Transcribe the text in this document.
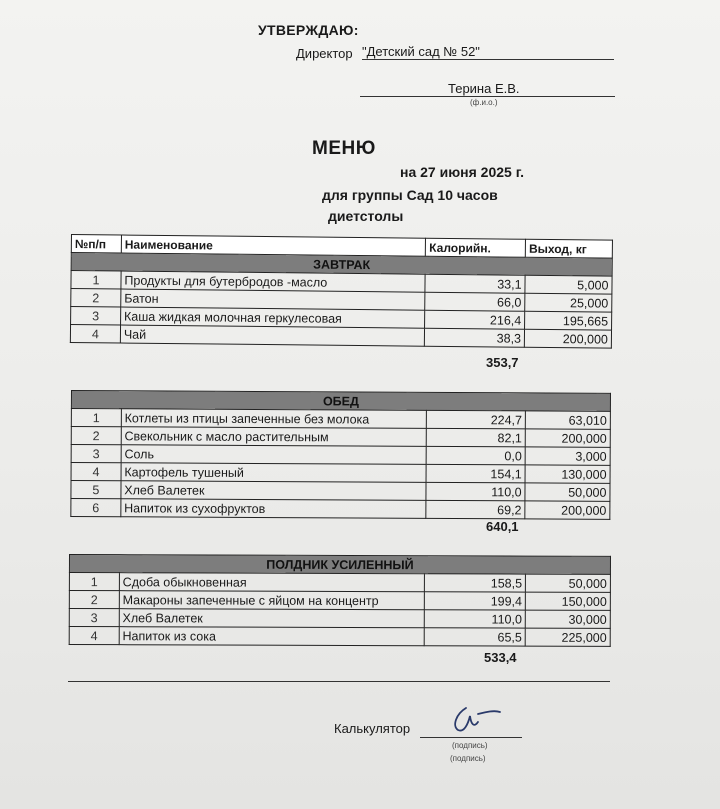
УТВЕРЖДАЮ:
Директор "Детский сад № 52"
Терина Е.В.
(ф.и.о.)
МЕНЮ
на 27 июня 2025 г.
для группы Сад 10 часов
диетстолы
№п/п	Наименование	Калорийн.	Выход, кг
ЗАВТРАК			
1	Продукты для бутербродов -масло	33,1	5,000
2	Батон	66,0	25,000
3	Каша жидкая молочная геркулесовая	216,4	195,665
4	Чай	38,3	200,000
353,7
ОБЕД			
1	Котлеты из птицы запеченные без молока	224,7	63,010
2	Свекольник с масло растительным	82,1	200,000
3	Соль	0,0	3,000
4	Картофель тушеный	154,1	130,000
5	Хлеб Валетек	110,0	50,000
6	Напиток из сухофруктов	69,2	200,000
640,1
ПОЛДНИК УСИЛЕННЫЙ			
1	Сдоба обыкновенная	158,5	50,000
2	Макароны запеченные с яйцом на концентр	199,4	150,000
3	Хлеб Валетек	110,0	30,000
4	Напиток из сока	65,5	225,000
533,4
Калькулятор
(подпись)
(подпись)
